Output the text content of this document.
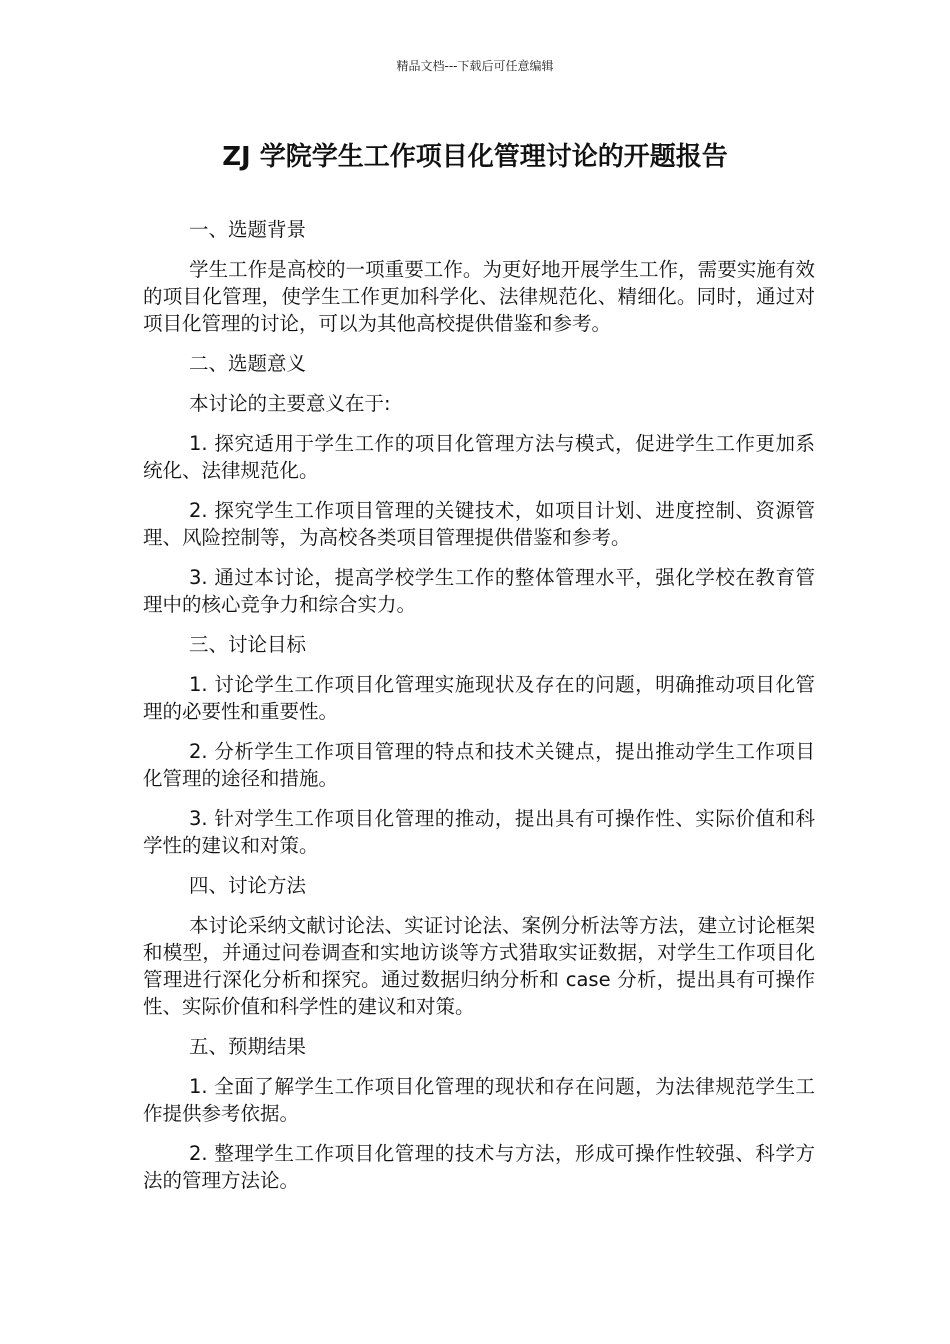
精品文档---下载后可任意编辑
ZJ 学院学生工作项目化管理讨论的开题报告

一、选题背景

学生工作是高校的一项重要工作。为更好地开展学生工作，需要实施有效的项目化管理，使学生工作更加科学化、法律规范化、精细化。同时，通过对项目化管理的讨论，可以为其他高校提供借鉴和参考。

二、选题意义

本讨论的主要意义在于:

1. 探究适用于学生工作的项目化管理方法与模式，促进学生工作更加系统化、法律规范化。

2. 探究学生工作项目管理的关键技术，如项目计划、进度控制、资源管理、风险控制等，为高校各类项目管理提供借鉴和参考。

3. 通过本讨论，提高学校学生工作的整体管理水平，强化学校在教育管理中的核心竞争力和综合实力。

三、讨论目标

1. 讨论学生工作项目化管理实施现状及存在的问题，明确推动项目化管理的必要性和重要性。

2. 分析学生工作项目管理的特点和技术关键点，提出推动学生工作项目化管理的途径和措施。

3. 针对学生工作项目化管理的推动，提出具有可操作性、实际价值和科学性的建议和对策。

四、讨论方法

本讨论采纳文献讨论法、实证讨论法、案例分析法等方法，建立讨论框架和模型，并通过问卷调查和实地访谈等方式猎取实证数据，对学生工作项目化管理进行深化分析和探究。通过数据归纳分析和 case 分析，提出具有可操作性、实际价值和科学性的建议和对策。

五、预期结果

1. 全面了解学生工作项目化管理的现状和存在问题，为法律规范学生工作提供参考依据。

2. 整理学生工作项目化管理的技术与方法，形成可操作性较强、科学方法的管理方法论。
